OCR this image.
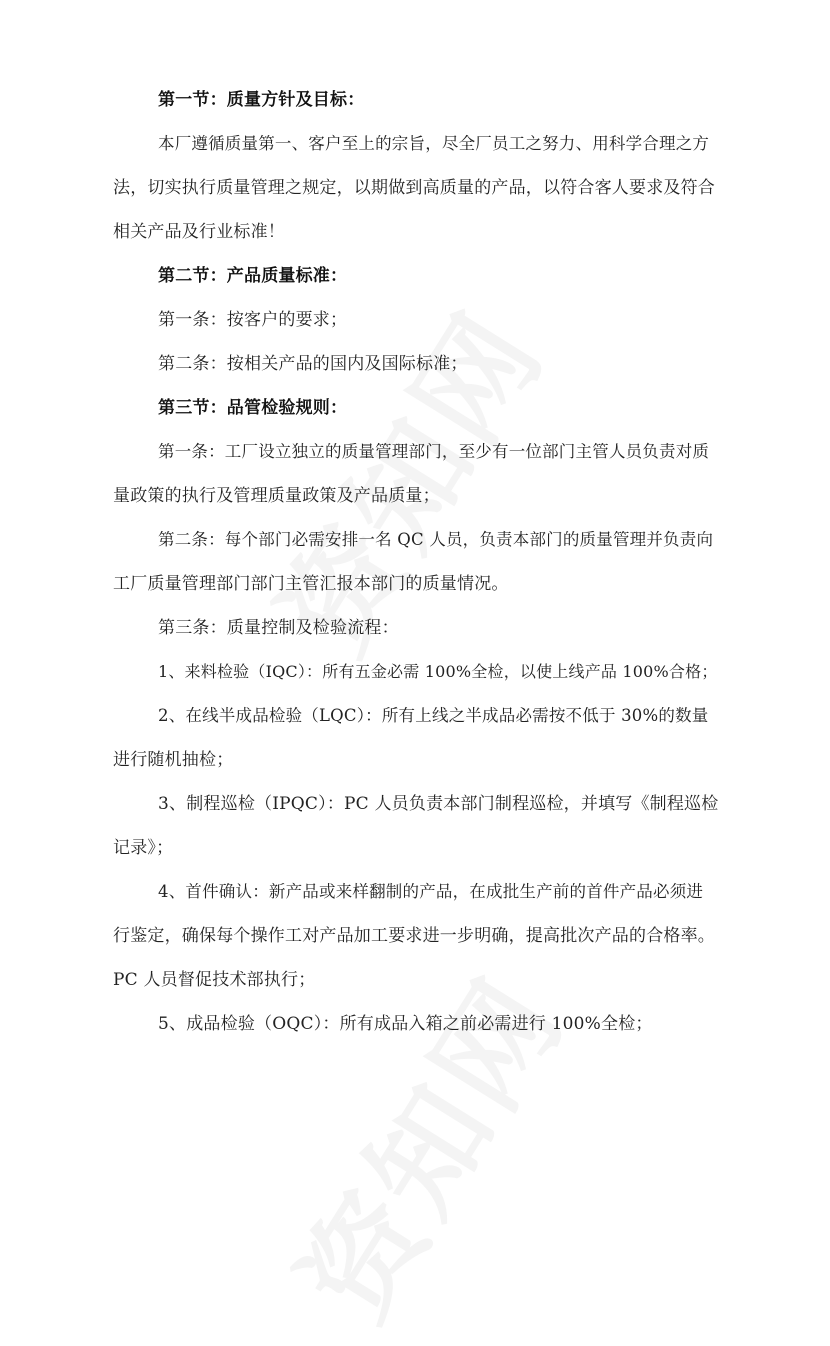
第一节：质量方针及目标：
本厂遵循质量第一、客户至上的宗旨，尽全厂员工之努力、用科学合理之方
法，切实执行质量管理之规定，以期做到高质量的产品，以符合客人要求及符合
相关产品及行业标准！
第二节：产品质量标准：
第一条：按客户的要求；
第二条：按相关产品的国内及国际标准；
第三节：品管检验规则：
第一条：工厂设立独立的质量管理部门，至少有一位部门主管人员负责对质
量政策的执行及管理质量政策及产品质量；
第二条：每个部门必需安排一名 QC 人员，负责本部门的质量管理并负责向
工厂质量管理部门部门主管汇报本部门的质量情况。
第三条：质量控制及检验流程：
1、来料检验（IQC）：所有五金必需 100%全检，以使上线产品 100%合格；
2、在线半成品检验（LQC）：所有上线之半成品必需按不低于 30%的数量
进行随机抽检；
3、制程巡检（IPQC）：PC 人员负责本部门制程巡检，并填写《制程巡检
记录》；
4、首件确认：新产品或来样翻制的产品，在成批生产前的首件产品必须进
行鉴定，确保每个操作工对产品加工要求进一步明确，提高批次产品的合格率。
PC 人员督促技术部执行；
5、成品检验（OQC）：所有成品入箱之前必需进行 100%全检；
